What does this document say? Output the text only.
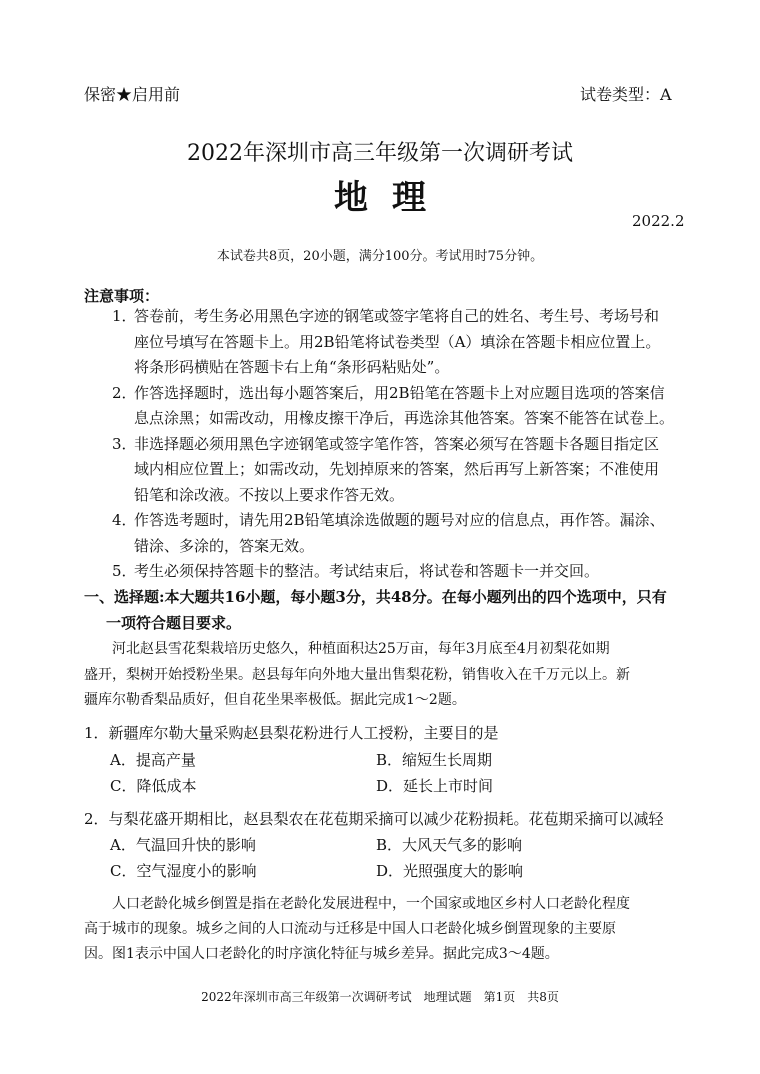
保密★启用前	试卷类型：A
2022年深圳市高三年级第一次调研考试
地理
2022.2
本试卷共8页，20小题，满分100分。考试用时75分钟。
注意事项：
1．
答卷前，考生务必用黑色字迹的钢笔或签字笔将自己的姓名、考生号、考场号和
座位号填写在答题卡上。用2B铅笔将试卷类型（A）填涂在答题卡相应位置上。
将条形码横贴在答题卡右上角“条形码粘贴处”。
2．
作答选择题时，选出每小题答案后，用2B铅笔在答题卡上对应题目选项的答案信
息点涂黑；如需改动，用橡皮擦干净后，再选涂其他答案。答案不能答在试卷上。
3．
非选择题必须用黑色字迹钢笔或签字笔作答，答案必须写在答题卡各题目指定区
域内相应位置上；如需改动，先划掉原来的答案，然后再写上新答案；不准使用
铅笔和涂改液。不按以上要求作答无效。
4．
作答选考题时，请先用2B铅笔填涂选做题的题号对应的信息点，再作答。漏涂、
错涂、多涂的，答案无效。
5．
考生必须保持答题卡的整洁。考试结束后，将试卷和答题卡一并交回。
一、选择题:本大题共16小题，每小题3分，共48分。在每小题列出的四个选项中，只有
一项符合题目要求。
河北赵县雪花梨栽培历史悠久，种植面积达25万亩，每年3月底至4月初梨花如期
盛开，梨树开始授粉坐果。赵县每年向外地大量出售梨花粉，销售收入在千万元以上。新
疆库尔勒香梨品质好，但自花坐果率极低。据此完成1～2题。
1．新疆库尔勒大量采购赵县梨花粉进行人工授粉，主要目的是
A．提高产量	B．缩短生长周期
C．降低成本	D．延长上市时间
2．与梨花盛开期相比，赵县梨农在花苞期采摘可以减少花粉损耗。花苞期采摘可以减轻
A．气温回升快的影响	B．大风天气多的影响
C．空气湿度小的影响	D．光照强度大的影响
人口老龄化城乡倒置是指在老龄化发展进程中，一个国家或地区乡村人口老龄化程度
高于城市的现象。城乡之间的人口流动与迁移是中国人口老龄化城乡倒置现象的主要原
因。图1表示中国人口老龄化的时序演化特征与城乡差异。据此完成3～4题。
2022年深圳市高三年级第一次调研考试　地理试题　第1页　共8页
